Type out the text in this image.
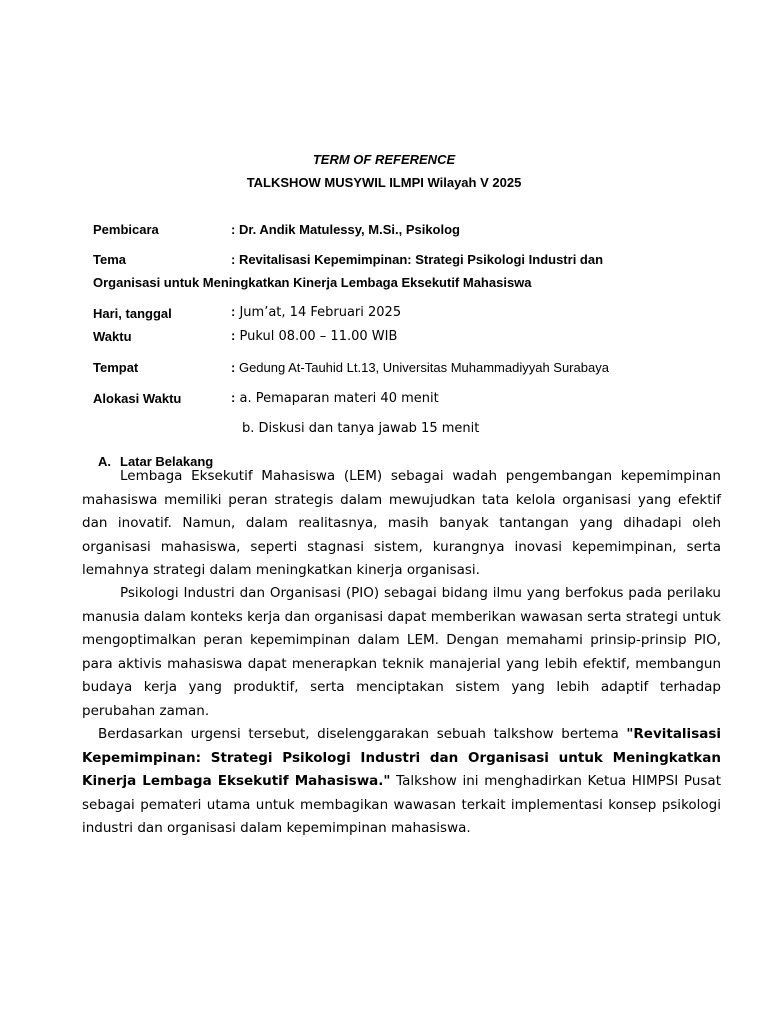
TERM OF REFERENCE
TALKSHOW MUSYWIL ILMPI Wilayah V 2025
Pembicara	: Dr. Andik Matulessy, M.Si., Psikolog
Tema	: Revitalisasi Kepemimpinan: Strategi Psikologi Industri dan
Organisasi untuk Meningkatkan Kinerja Lembaga Eksekutif Mahasiswa
Hari, tanggal	: Jum’at, 14 Februari 2025
Waktu	: Pukul 08.00 – 11.00 WIB
Tempat	: Gedung At-Tauhid Lt.13, Universitas Muhammadiyyah Surabaya
Alokasi Waktu	: a. Pemaparan materi 40 menit
b. Diskusi dan tanya jawab 15 menit
A. Latar Belakang

Lembaga Eksekutif Mahasiswa (LEM) sebagai wadah pengembangan kepemimpinan mahasiswa memiliki peran strategis dalam mewujudkan tata kelola organisasi yang efektif dan inovatif. Namun, dalam realitasnya, masih banyak tantangan yang dihadapi oleh organisasi mahasiswa, seperti stagnasi sistem, kurangnya inovasi kepemimpinan, serta lemahnya strategi dalam meningkatkan kinerja organisasi.

Psikologi Industri dan Organisasi (PIO) sebagai bidang ilmu yang berfokus pada perilaku manusia dalam konteks kerja dan organisasi dapat memberikan wawasan serta strategi untuk mengoptimalkan peran kepemimpinan dalam LEM. Dengan memahami prinsip-prinsip PIO, para aktivis mahasiswa dapat menerapkan teknik manajerial yang lebih efektif, membangun budaya kerja yang produktif, serta menciptakan sistem yang lebih adaptif terhadap perubahan zaman.

Berdasarkan urgensi tersebut, diselenggarakan sebuah talkshow bertema "Revitalisasi Kepemimpinan: Strategi Psikologi Industri dan Organisasi untuk Meningkatkan Kinerja Lembaga Eksekutif Mahasiswa." Talkshow ini menghadirkan Ketua HIMPSI Pusat sebagai pemateri utama untuk membagikan wawasan terkait implementasi konsep psikologi industri dan organisasi dalam kepemimpinan mahasiswa.
